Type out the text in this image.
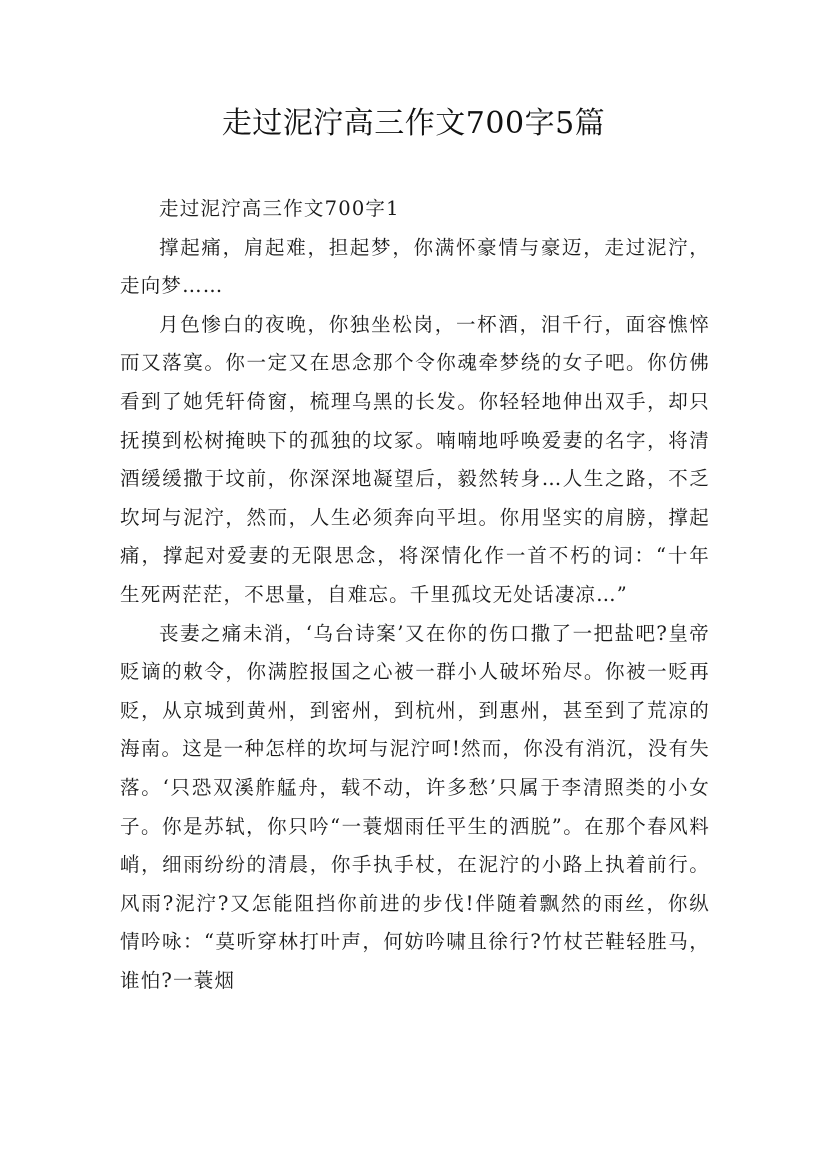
走过泥泞高三作文700字5篇

走过泥泞高三作文700字1

撑起痛，肩起难，担起梦，你满怀豪情与豪迈，走过泥泞，走向梦……

月色惨白的夜晚，你独坐松岗，一杯酒，泪千行，面容憔悴而又落寞。你一定又在思念那个令你魂牵梦绕的女子吧。你仿佛看到了她凭轩倚窗，梳理乌黑的长发。你轻轻地伸出双手，却只抚摸到松树掩映下的孤独的坟冢。喃喃地呼唤爱妻的名字，将清酒缓缓撒于坟前，你深深地凝望后，毅然转身…人生之路，不乏坎坷与泥泞，然而，人生必须奔向平坦。你用坚实的肩膀，撑起痛，撑起对爱妻的无限思念，将深情化作一首不朽的词：“十年生死两茫茫，不思量，自难忘。千里孤坟无处话凄凉…”

丧妻之痛未消，‘乌台诗案’又在你的伤口撒了一把盐吧?皇帝贬谪的敕令，你满腔报国之心被一群小人破坏殆尽。你被一贬再贬，从京城到黄州，到密州，到杭州，到惠州，甚至到了荒凉的海南。这是一种怎样的坎坷与泥泞呵!然而，你没有消沉，没有失落。‘只恐双溪舴艋舟，载不动，许多愁’只属于李清照类的小女子。你是苏轼，你只吟“一蓑烟雨任平生的洒脱”。在那个春风料峭，细雨纷纷的清晨，你手执手杖，在泥泞的小路上执着前行。风雨?泥泞?又怎能阻挡你前进的步伐!伴随着飘然的雨丝，你纵情吟咏：“莫听穿林打叶声，何妨吟啸且徐行?竹杖芒鞋轻胜马，谁怕?一蓑烟
